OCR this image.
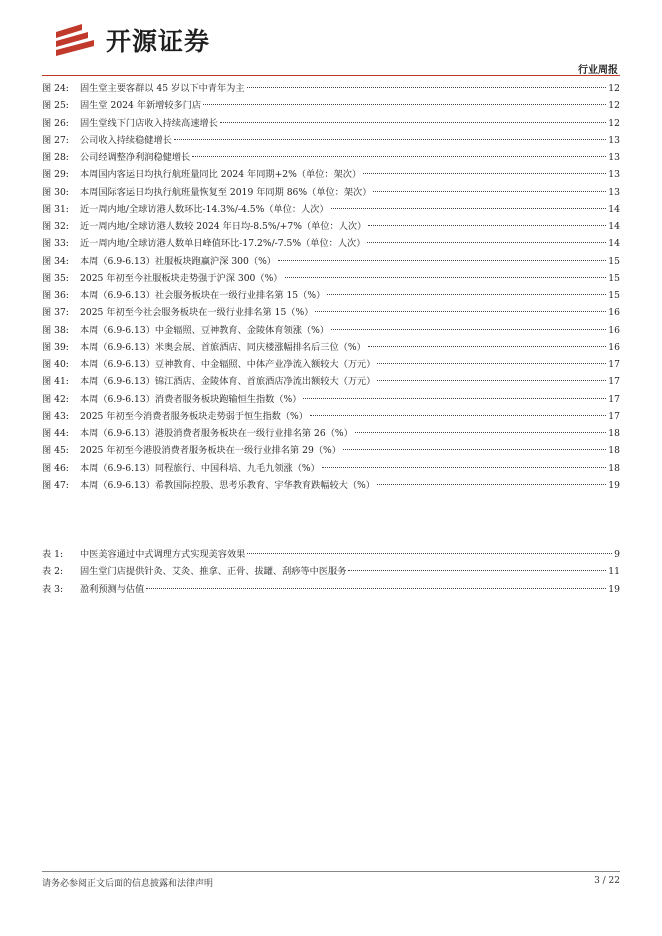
开源证券
行业周报
图 24:	固生堂主要客群以 45 岁以下中青年为主	12
图 25:	固生堂 2024 年新增较多门店	12
图 26:	固生堂线下门店收入持续高速增长	12
图 27:	公司收入持续稳健增长	13
图 28:	公司经调整净利润稳健增长	13
图 29:	本周国内客运日均执行航班量同比 2024 年同期+2%（单位：架次）	13
图 30:	本周国际客运日均执行航班量恢复至 2019 年同期 86%（单位：架次）	13
图 31:	近一周内地/全球访港人数环比-14.3%/-4.5%（单位：人次）	14
图 32:	近一周内地/全球访港人数较 2024 年日均-8.5%/+7%（单位：人次）	14
图 33:	近一周内地/全球访港人数单日峰值环比-17.2%/-7.5%（单位：人次）	14
图 34:	本周（6.9-6.13）社服板块跑赢沪深 300（%）	15
图 35:	2025 年初至今社服板块走势强于沪深 300（%）	15
图 36:	本周（6.9-6.13）社会服务板块在一级行业排名第 15（%）	15
图 37:	2025 年初至今社会服务板块在一级行业排名第 15（%）	16
图 38:	本周（6.9-6.13）中金辐照、豆神教育、金陵体育领涨（%）	16
图 39:	本周（6.9-6.13）米奥会展、首旅酒店、同庆楼涨幅排名后三位（%）	16
图 40:	本周（6.9-6.13）豆神教育、中金辐照、中体产业净流入额较大（万元）	17
图 41:	本周（6.9-6.13）锦江酒店、金陵体育、首旅酒店净流出额较大（万元）	17
图 42:	本周（6.9-6.13）消费者服务板块跑输恒生指数（%）	17
图 43:	2025 年初至今消费者服务板块走势弱于恒生指数（%）	17
图 44:	本周（6.9-6.13）港股消费者服务板块在一级行业排名第 26（%）	18
图 45:	2025 年初至今港股消费者服务板块在一级行业排名第 29（%）	18
图 46:	本周（6.9-6.13）同程旅行、中国科培、九毛九领涨（%）	18
图 47:	本周（6.9-6.13）希教国际控股、思考乐教育、宇华教育跌幅较大（%）	19
表 1:	中医美容通过中式调理方式实现美容效果	9
表 2:	固生堂门店提供针灸、艾灸、推拿、正骨、拔罐、刮痧等中医服务	11
表 3:	盈利预测与估值	19
请务必参阅正文后面的信息披露和法律声明	3 / 22
